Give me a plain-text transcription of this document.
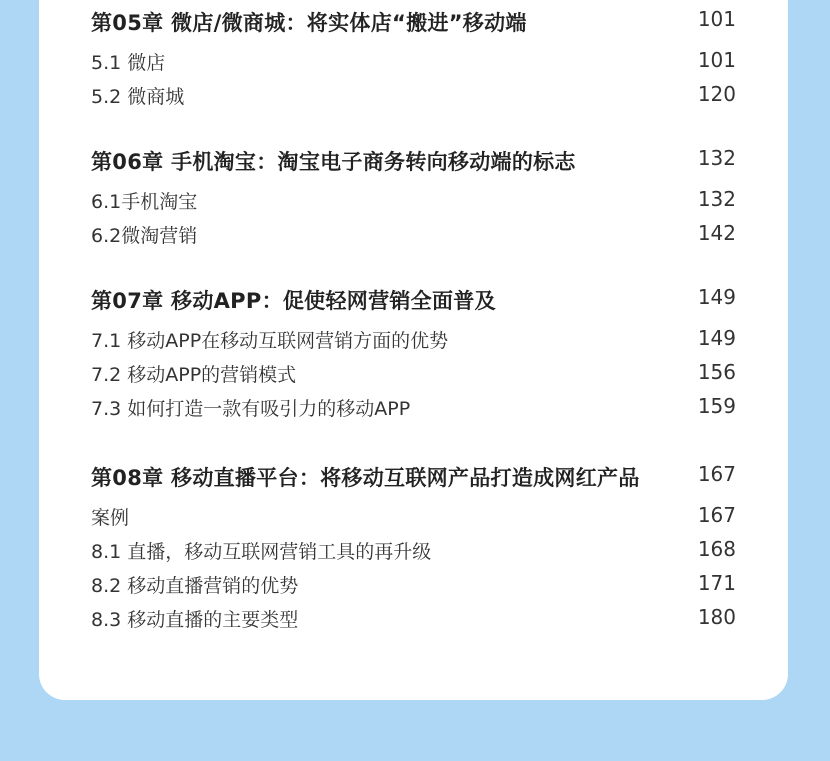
第05章 微店/微商城：将实体店“搬进”移动端	101
5.1 微店	101
5.2 微商城	120
第06章 手机淘宝：淘宝电子商务转向移动端的标志	132
6.1手机淘宝	132
6.2微淘营销	142
第07章 移动APP：促使轻网营销全面普及	149
7.1 移动APP在移动互联网营销方面的优势	149
7.2 移动APP的营销模式	156
7.3 如何打造一款有吸引力的移动APP	159
第08章 移动直播平台：将移动互联网产品打造成网红产品	167
案例	167
8.1 直播，移动互联网营销工具的再升级	168
8.2 移动直播营销的优势	171
8.3 移动直播的主要类型	180
